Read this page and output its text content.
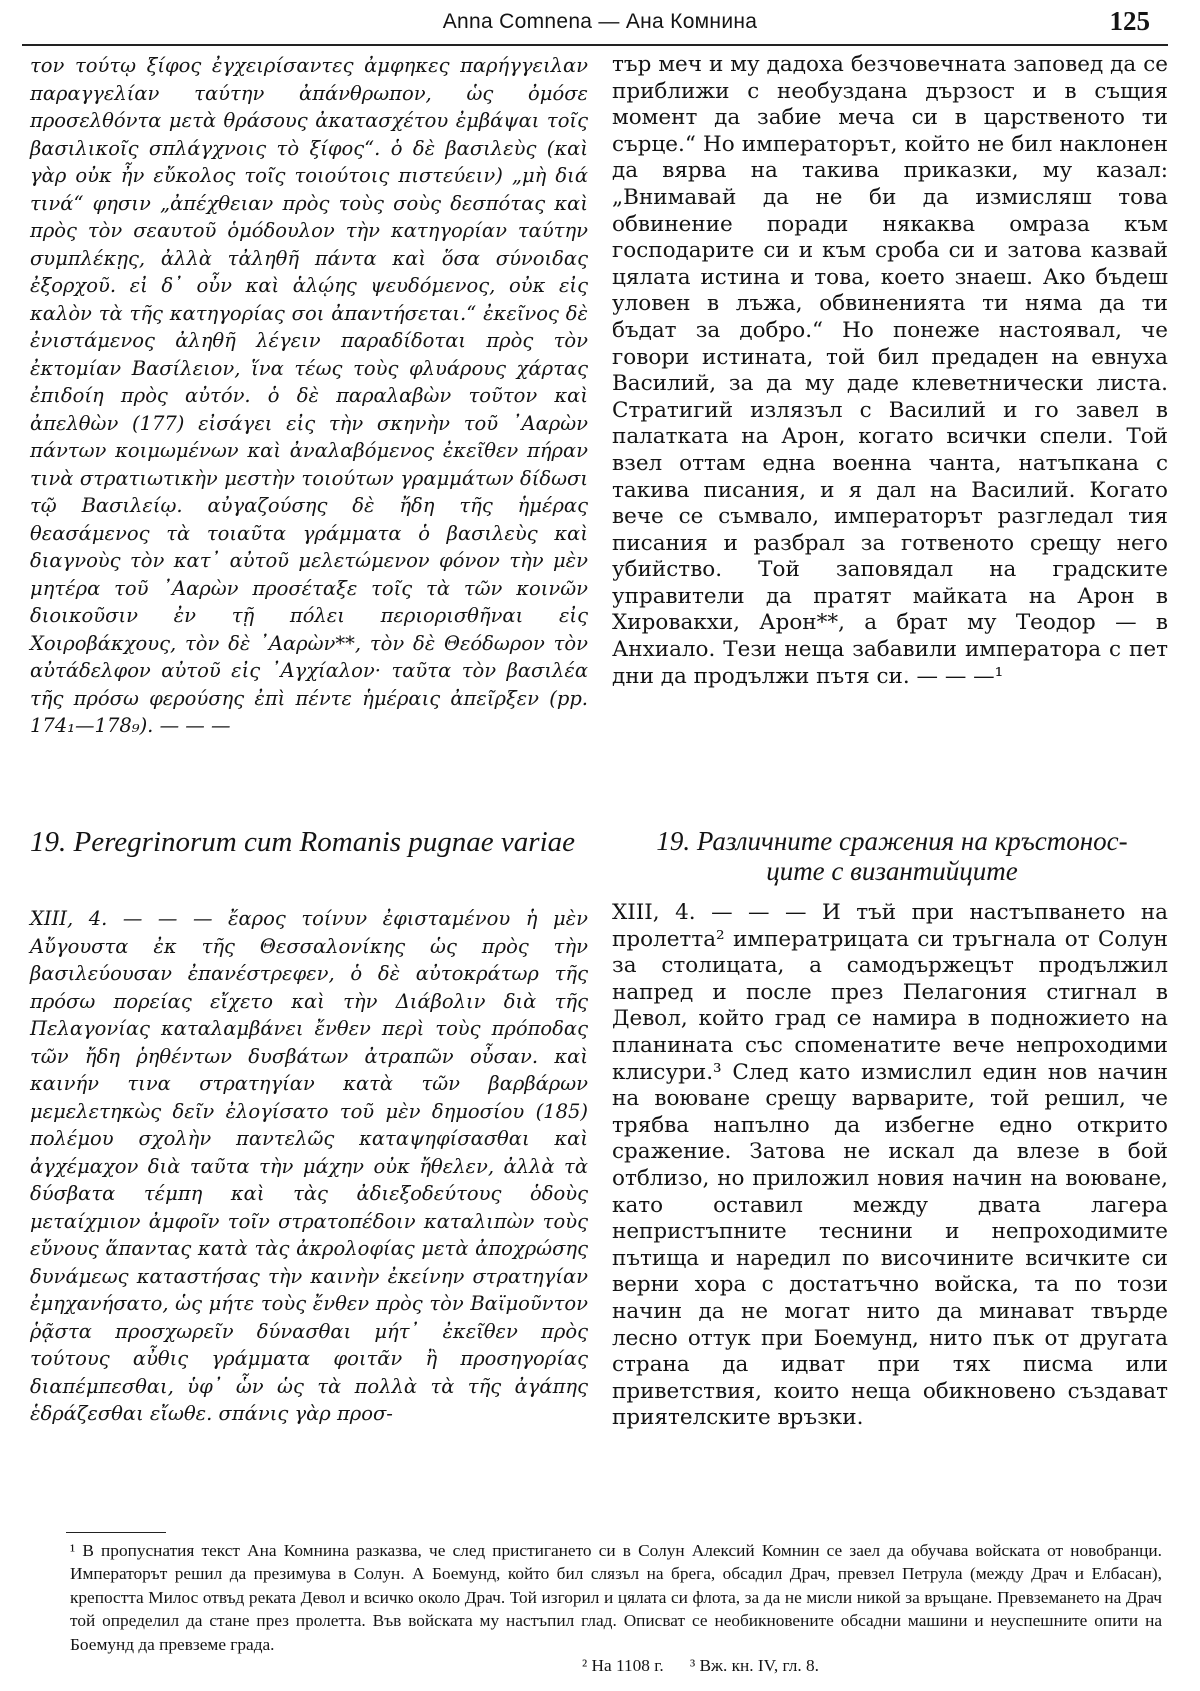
Anna Comnena — Ана Комнина	125

τον τούτῳ ξίφος ἐγχειρίσαντες ἀμφηκες παρήγγειλαν παραγγελίαν ταύτην ἀπάνθρωπον, ὡς ὀμόσε προσελθόντα μετὰ θράσους ἀκατασχέτου ἐμβάψαι τοῖς βασιλικοῖς σπλάγχνοις τὸ ξίφος“. ὁ δὲ βασιλεὺς (καὶ γὰρ οὐκ ἦν εὔκολος τοῖς τοιούτοις πιστεύειν) „μὴ διά τινά“ φησιν „ἀπέχθειαν πρὸς τοὺς σοὺς δεσπότας καὶ πρὸς τὸν σεαυτοῦ ὁμόδουλον τὴν κατηγορίαν ταύτην συμπλέκῃς, ἀλλὰ τἀληθῆ πάντα καὶ ὅσα σύνοιδας ἐξορχοῦ. εἰ δ᾽ οὖν καὶ ἁλῴης ψευδόμενος, οὐκ εἰς καλὸν τὰ τῆς κατηγορίας σοι ἀπαντήσεται.“ ἐκεῖνος δὲ ἐνιστάμενος ἀληθῆ λέγειν παραδίδοται πρὸς τὸν ἐκτομίαν Βασίλειον, ἵνα τέως τοὺς φλυάρους χάρτας ἐπιδοίη πρὸς αὐτόν. ὁ δὲ παραλαβὼν τοῦτον καὶ ἀπελθὼν (177) εἰσάγει εἰς τὴν σκηνὴν τοῦ ᾽Ααρὼν πάντων κοιμωμένων καὶ ἀναλαβόμενος ἐκεῖθεν πήραν τινὰ στρατιωτικὴν μεστὴν τοιούτων γραμμάτων δίδωσι τῷ Βασιλείῳ. αὐγαζούσης δὲ ἤδη τῆς ἡμέρας θεασάμενος τὰ τοιαῦτα γράμματα ὁ βασιλεὺς καὶ διαγνοὺς τὸν κατ᾽ αὐτοῦ μελετώμενον φόνον τὴν μὲν μητέρα τοῦ ᾽Ααρὼν προσέταξε τοῖς τὰ τῶν κοινῶν διοικοῦσιν ἐν τῇ πόλει περιορισθῆναι εἰς Χοιροβάκχους, τὸν δὲ ᾽Ααρὼν**, τὸν δὲ Θεόδωρον τὸν αὐτάδελφον αὐτοῦ εἰς ᾽Αγχίαλον· ταῦτα τὸν βασιλέα τῆς πρόσω φερούσης ἐπὶ πέντε ἡμέραις ἀπεῖρξεν (pp. 174₁—178₉). — — —

тър меч и му дадоха безчовечната заповед да се приближи с необуздана дързост и в същия момент да забие меча си в царственото ти сърце.“ Но императорът, който не бил наклонен да вярва на такива приказки, му казал: „Внимавай да не би да измисляш това обвинение поради някаква омраза към господарите си и към сроба си и затова казвай цялата истина и това, което знаеш. Ако бъдеш уловен в лъжа, обвиненията ти няма да ти бъдат за добро.“ Но понеже настоявал, че говори истината, той бил предаден на евнуха Василий, за да му даде клеветнически листа. Стратигий излязъл с Василий и го завел в палатката на Арон, когато всички спели. Той взел оттам една военна чанта, натъпкана с такива писания, и я дал на Василий. Когато вече се съмвало, императорът разгледал тия писания и разбрал за готвеното срещу него убийство. Той заповядал на градските управители да пратят майката на Арон в Хировакхи, Арон**, а брат му Теодор — в Анхиало. Тези неща забавили императора с пет дни да продължи пътя си. — — —¹

19. Peregrinorum cum Romanis pugnae variae	19. Различните сражения на кръстонос-
ците с византийците

XIII, 4. — — — ἔαρος τοίνυν ἐφισταμένου ἡ μὲν Αὔγουστα ἐκ τῆς Θεσσαλονίκης ὡς πρὸς τὴν βασιλεύουσαν ἐπανέστρεφεν, ὁ δὲ αὐτοκράτωρ τῆς πρόσω πορείας εἴχετο καὶ τὴν Διάβολιν διὰ τῆς Πελαγονίας καταλαμβάνει ἔνθεν περὶ τοὺς πρόποδας τῶν ἤδη ῥηθέντων δυσβάτων ἀτραπῶν οὖσαν. καὶ καινήν τινα στρατηγίαν κατὰ τῶν βαρβάρων μεμελετηκὼς δεῖν ἐλογίσατο τοῦ μὲν δημοσίου (185) πολέμου σχολὴν παντελῶς καταψηφίσασθαι καὶ ἀγχέμαχον διὰ ταῦτα τὴν μάχην οὐκ ἤθελεν, ἀλλὰ τὰ δύσβατα τέμπη καὶ τὰς ἀδιεξοδεύτους ὁδοὺς μεταίχμιον ἀμφοῖν τοῖν στρατοπέδοιν καταλιπὼν τοὺς εὔνους ἅπαντας κατὰ τὰς ἀκρολοφίας μετὰ ἀποχρώσης δυνάμεως καταστήσας τὴν καινὴν ἐκείνην στρατηγίαν ἐμηχανήσατο, ὡς μήτε τοὺς ἔνθεν πρὸς τὸν Βαϊμοῦντον ῥᾷστα προσχωρεῖν δύνασθαι μήτ᾽ ἐκεῖθεν πρὸς τούτους αὖθις γράμματα φοιτᾶν ἢ προσηγορίας διαπέμπεσθαι, ὑφ᾽ ὧν ὡς τὰ πολλὰ τὰ τῆς ἀγάπης ἑδράζεσθαι εἴωθε. σπάνις γὰρ προσ-

XIII, 4. — — — И тъй при настъпването на пролетта² императрицата си тръгнала от Солун за столицата, а самодържецът продължил напред и после през Пелагония стигнал в Девол, който град се намира в подножието на планината със споменатите вече непроходими клисури.³ След като измислил един нов начин на воюване срещу варварите, той решил, че трябва напълно да избегне едно открито сражение. Затова не искал да влезе в бой отблизо, но приложил новия начин на воюване, като оставил между двата лагера непристъпните теснини и непроходимите пътища и наредил по височините всичките си верни хора с достатъчно войска, та по този начин да не могат нито да минават твърде лесно оттук при Боемунд, нито пък от другата страна да идват при тях писма или приветствия, които неща обикновено създават приятелските връзки.

¹ В пропуснатия текст Ана Комнина разказва, че след пристигането си в Солун Алексий Комнин се заел да обучава войската от новобранци. Императорът решил да презимува в Солун. А Боемунд, който бил слязъл на брега, обсадил Драч, превзел Петрула (между Драч и Елбасан), крепостта Милос отвъд реката Девол и всичко около Драч. Той изгорил и цялата си флота, за да не мисли никой за връщане. Превземането на Драч той определил да стане през пролетта. Във войската му настъпил глад. Описват се необикновените обсадни машини и неуспешните опити на Боемунд да превземе града.
² На 1108 г. ³ Вж. кн. IV, гл. 8.
